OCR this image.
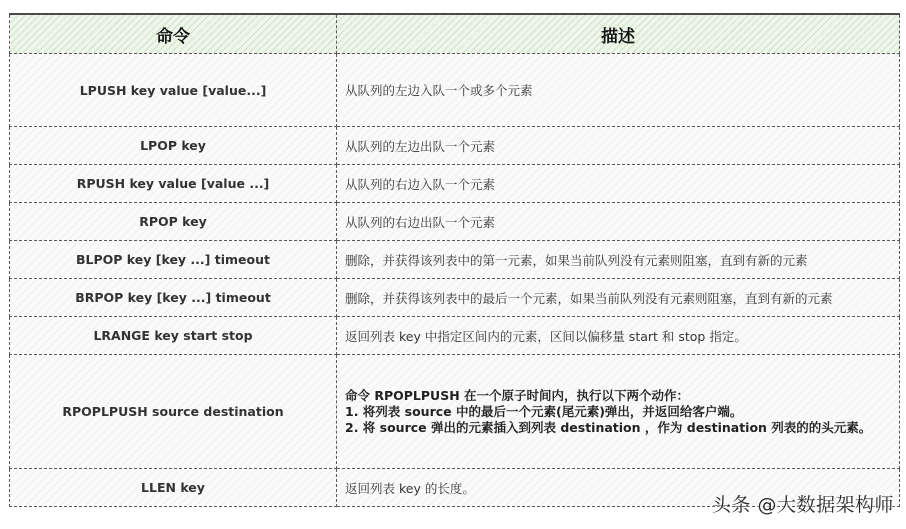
命令	描述
LPUSH key value [value...]	从队列的左边入队一个或多个元素
LPOP key	从队列的左边出队一个元素
RPUSH key value [value ...]	从队列的右边入队一个元素
RPOP key	从队列的右边出队一个元素
BLPOP key [key ...] timeout	删除，并获得该列表中的第一元素，如果当前队列没有元素则阻塞，直到有新的元素
BRPOP key [key ...] timeout	删除，并获得该列表中的最后一个元素，如果当前队列没有元素则阻塞，直到有新的元素
LRANGE key start stop	返回列表 key 中指定区间内的元素，区间以偏移量 start 和 stop 指定。
RPOPLPUSH source destination	命令 RPOPLPUSH 在一个原子时间内，执行以下两个动作：
1. 将列表 source 中的最后一个元素(尾元素)弹出，并返回给客户端。
2. 将 source 弹出的元素插入到列表 destination ，作为 destination 列表的的头元素。

LLEN key	返回列表 key 的长度。
头条 @大数据架构师
